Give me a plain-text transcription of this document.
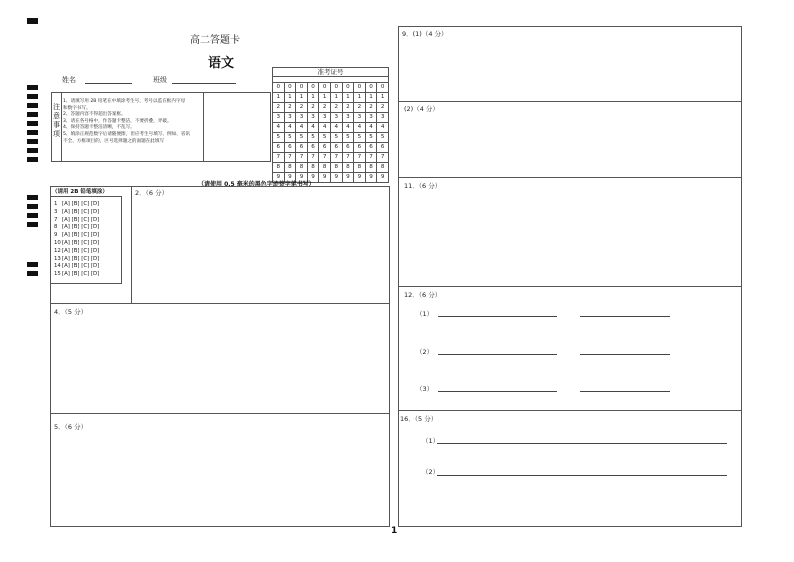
高二答题卡
语文
姓名	班级
注
意
事
项
1、请填写用 2B 铅笔在中填涂考生号，考号以监在框内字母
和数字书写。
2、答题内容不得超出答案框。
3、请在各号格中，作答题卡整洁，不要折叠，弄破。
4、保持答题卡整洁清晰，不乱写。
5、填涂正规范数字后请随便擦，但应考生号填写、例如、省讯
不全、方框项目的，区号选择题之的面题在此填写
准考证号
0	0	0	0	0	0	0	0	0	0
1	1	1	1	1	1	1	1	1	1
2	2	2	2	2	2	2	2	2	2
3	3	3	3	3	3	3	3	3	3
4	4	4	4	4	4	4	4	4	4
5	5	5	5	5	5	5	5	5	5
6	6	6	6	6	6	6	6	6	6
7	7	7	7	7	7	7	7	7	7
8	8	8	8	8	8	8	8	8	8
9	9	9	9	9	9	9	9	9	9
（请使用 0.5 毫米的黑色字迹签字笔书写）
（请用 2B 铅笔填涂）
1 [A] [B] [C] [D]
3 [A] [B] [C] [D]
7 [A] [B] [C] [D]
8 [A] [B] [C] [D]
9 [A] [B] [C] [D]
10[A] [B] [C] [D]
12[A] [B] [C] [D]
13[A] [B] [C] [D]
14[A] [B] [C] [D]
15[A] [B] [C] [D]
2．（6 分）
4．（5 分）
5．（6 分）
9．(1)（4 分）
(2)（4 分）
11．（6 分）
12．（6 分）
（1）
（2）
（3）
16．（5 分）
（1）
（2）
1
